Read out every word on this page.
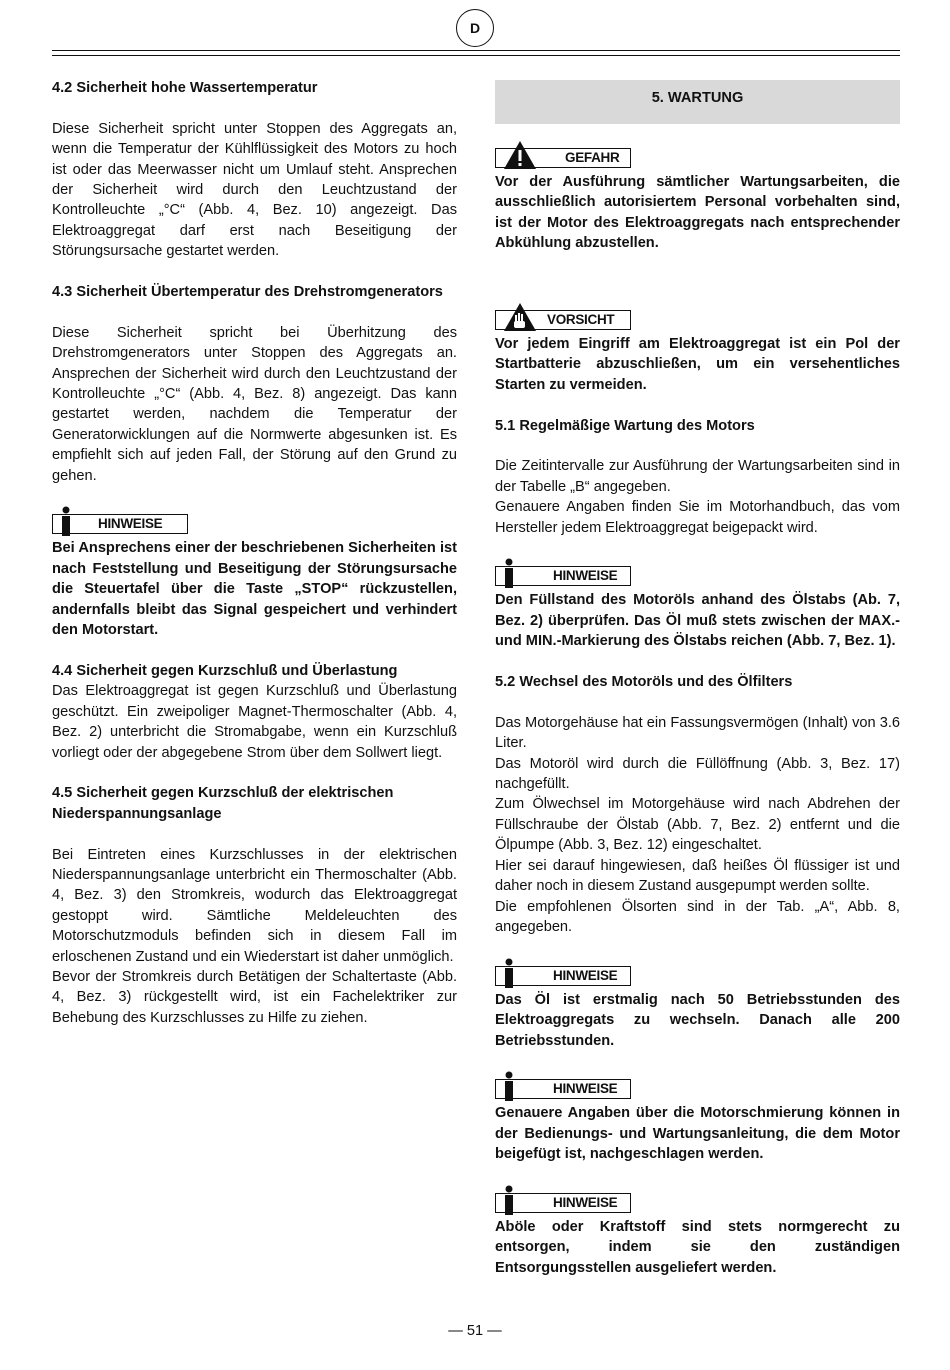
D
4.2 Sicherheit hohe Wassertemperatur

Diese Sicherheit spricht unter Stoppen des Aggregats an, wenn die Temperatur der Kühlflüssigkeit des Motors zu hoch ist oder das Meerwasser nicht um Umlauf steht. Ansprechen der Sicherheit wird durch den Leuchtzustand der Kontrolleuchte „°C“ (Abb. 4, Bez. 10) angezeigt. Das Elektroaggregat darf erst nach Beseitigung der Störungsursache gestartet werden.

4.3 Sicherheit Übertemperatur des Drehstromgenerators

Diese Sicherheit spricht bei Überhitzung des Drehstromgenerators unter Stoppen des Aggregats an. Ansprechen der Sicherheit wird durch den Leuchtzustand der Kontrolleuchte „°C“ (Abb. 4, Bez. 8) angezeigt. Das kann gestartet werden, nachdem die Temperatur der Generatorwicklungen auf die Normwerte abgesunken ist. Es empfiehlt sich auf jeden Fall, der Störung auf den Grund zu gehen.

HINWEISE

Bei Ansprechens einer der beschriebenen Sicherheiten ist nach Feststellung und Beseitigung der Störungsursache die Steuertafel über die Taste „STOP“ rückzustellen, andernfalls bleibt das Signal gespeichert und verhindert den Motorstart.

4.4 Sicherheit gegen Kurzschluß und Überlastung

Das Elektroaggregat ist gegen Kurzschluß und Überlastung geschützt. Ein zweipoliger Magnet-Thermoschalter (Abb. 4, Bez. 2) unterbricht die Stromabgabe, wenn ein Kurzschluß vorliegt oder der abgegebene Strom über dem Sollwert liegt.

4.5 Sicherheit gegen Kurzschluß der elektrischen Niederspannungsanlage

Bei Eintreten eines Kurzschlusses in der elektrischen Niederspannungsanlage unterbricht ein Thermoschalter (Abb. 4, Bez. 3) den Stromkreis, wodurch das Elektroaggregat gestoppt wird. Sämtliche Meldeleuchten des Motorschutzmoduls befinden sich in diesem Fall im erloschenen Zustand und ein Wiederstart ist daher unmöglich.

Bevor der Stromkreis durch Betätigen der Schaltertaste (Abb. 4, Bez. 3) rückgestellt wird, ist ein Fachelektriker zur Behebung des Kurzschlusses zu Hilfe zu ziehen.

5. WARTUNG
GEFAHR

Vor der Ausführung sämtlicher Wartungsarbeiten, die ausschließlich autorisiertem Personal vorbehalten sind, ist der Motor des Elektroaggregats nach entsprechender Abkühlung abzustellen.

VORSICHT

Vor jedem Eingriff am Elektroaggregat ist ein Pol der Startbatterie abzuschließen, um ein versehentliches Starten zu vermeiden.

5.1 Regelmäßige Wartung des Motors

Die Zeitintervalle zur Ausführung der Wartungsarbeiten sind in der Tabelle „B“ angegeben.

Genauere Angaben finden Sie im Motorhandbuch, das vom Hersteller jedem Elektroaggregat beigepackt wird.

HINWEISE

Den Füllstand des Motoröls anhand des Ölstabs (Ab. 7, Bez. 2) überprüfen. Das Öl muß stets zwischen der MAX.- und MIN.-Markierung des Ölstabs reichen (Abb. 7, Bez. 1).

5.2 Wechsel des Motoröls und des Ölfilters

Das Motorgehäuse hat ein Fassungsvermögen (Inhalt) von 3.6 Liter.

Das Motoröl wird durch die Füllöffnung (Abb. 3, Bez. 17) nachgefüllt.

Zum Ölwechsel im Motorgehäuse wird nach Abdrehen der Füllschraube der Ölstab (Abb. 7, Bez. 2) entfernt und die Ölpumpe (Abb. 3, Bez. 12) eingeschaltet.

Hier sei darauf hingewiesen, daß heißes Öl flüssiger ist und daher noch in diesem Zustand ausgepumpt werden sollte.

Die empfohlenen Ölsorten sind in der Tab. „A“, Abb. 8, angegeben.

HINWEISE

Das Öl ist erstmalig nach 50 Betriebsstunden des Elektroaggregats zu wechseln. Danach alle 200 Betriebsstunden.

HINWEISE

Genauere Angaben über die Motorschmierung können in der Bedienungs- und Wartungsanleitung, die dem Motor beigefügt ist, nachgeschlagen werden.

HINWEISE

Aböle oder Kraftstoff sind stets normgerecht zu entsorgen, indem sie den zuständigen Entsorgungsstellen ausgeliefert werden.

— 51 —
